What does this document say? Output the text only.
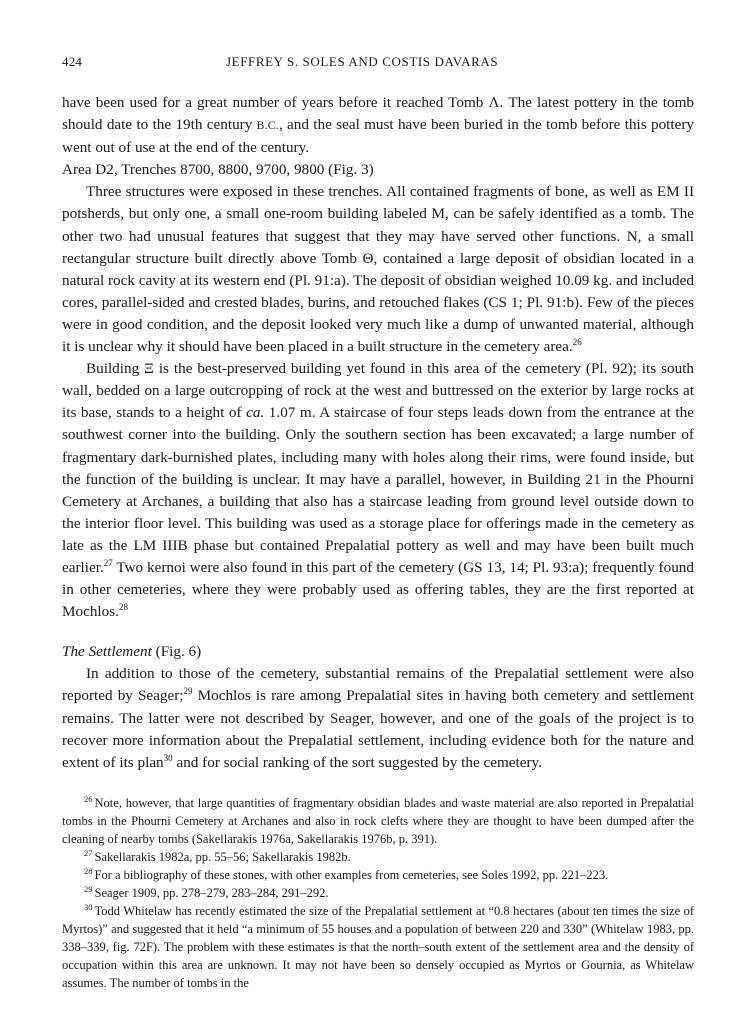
424	JEFFREY S. SOLES AND COSTIS DAVARAS

have been used for a great number of years before it reached Tomb Λ. The latest pottery in the tomb should date to the 19th century B.C., and the seal must have been buried in the tomb before this pottery went out of use at the end of the century.

Area D2, Trenches 8700, 8800, 9700, 9800 (Fig. 3)

Three structures were exposed in these trenches. All contained fragments of bone, as well as EM II potsherds, but only one, a small one-room building labeled M, can be safely identified as a tomb. The other two had unusual features that suggest that they may have served other functions. N, a small rectangular structure built directly above Tomb Θ, contained a large deposit of obsidian located in a natural rock cavity at its western end (Pl. 91:a). The deposit of obsidian weighed 10.09 kg. and included cores, parallel-sided and crested blades, burins, and retouched flakes (CS 1; Pl. 91:b). Few of the pieces were in good condition, and the deposit looked very much like a dump of unwanted material, although it is unclear why it should have been placed in a built structure in the cemetery area.$^{26}$

Building Ξ is the best-preserved building yet found in this area of the cemetery (Pl. 92); its south wall, bedded on a large outcropping of rock at the west and buttressed on the exterior by large rocks at its base, stands to a height of ca. 1.07 m. A staircase of four steps leads down from the entrance at the southwest corner into the building. Only the southern section has been excavated; a large number of fragmentary dark-burnished plates, including many with holes along their rims, were found inside, but the function of the building is unclear. It may have a parallel, however, in Building 21 in the Phourni Cemetery at Archanes, a building that also has a staircase leading from ground level outside down to the interior floor level. This building was used as a storage place for offerings made in the cemetery as late as the LM IIIB phase but contained Prepalatial pottery as well and may have been built much earlier.$^{27}$ Two kernoi were also found in this part of the cemetery (GS 13, 14; Pl. 93:a); frequently found in other cemeteries, where they were probably used as offering tables, they are the first reported at Mochlos.$^{28}$

The Settlement (Fig. 6)

In addition to those of the cemetery, substantial remains of the Prepalatial settlement were also reported by Seager;$^{29}$ Mochlos is rare among Prepalatial sites in having both cemetery and settlement remains. The latter were not described by Seager, however, and one of the goals of the project is to recover more information about the Prepalatial settlement, including evidence both for the nature and extent of its plan$^{30}$ and for social ranking of the sort suggested by the cemetery.

$^{26}$ Note, however, that large quantities of fragmentary obsidian blades and waste material are also reported in Prepalatial tombs in the Phourni Cemetery at Archanes and also in rock clefts where they are thought to have been dumped after the cleaning of nearby tombs (Sakellarakis 1976a, Sakellarakis 1976b, p. 391).

$^{27}$ Sakellarakis 1982a, pp. 55–56; Sakellarakis 1982b.

$^{28}$ For a bibliography of these stones, with other examples from cemeteries, see Soles 1992, pp. 221–223.

$^{29}$ Seager 1909, pp. 278–279, 283–284, 291–292.

$^{30}$ Todd Whitelaw has recently estimated the size of the Prepalatial settlement at “0.8 hectares (about ten times the size of Myrtos)” and suggested that it held “a minimum of 55 houses and a population of between 220 and 330” (Whitelaw 1983, pp. 338–339, fig. 72F). The problem with these estimates is that the north–south extent of the settlement area and the density of occupation within this area are unknown. It may not have been so densely occupied as Myrtos or Gournia, as Whitelaw assumes. The number of tombs in the
